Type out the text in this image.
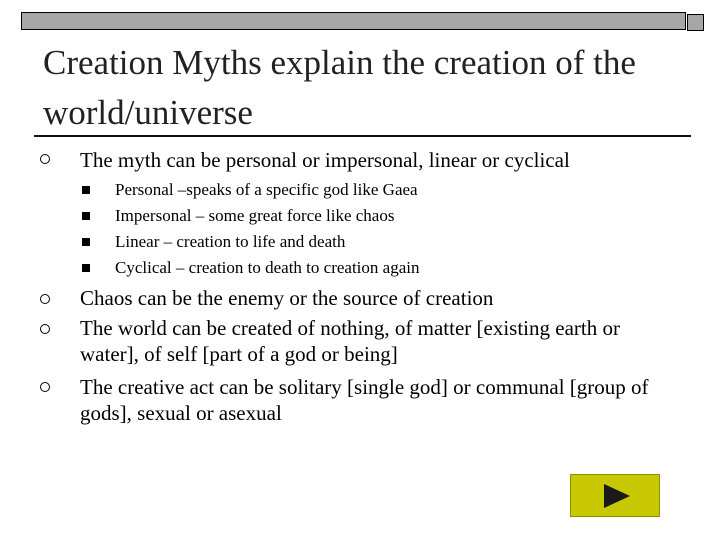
Creation Myths explain the creation of the world/universe
The myth can be personal or impersonal, linear or cyclical
Personal –speaks of a specific god like Gaea
Impersonal – some great force like chaos
Linear – creation to life and death
Cyclical – creation to death to creation again
Chaos can be the enemy or the source of creation
The world can be created of nothing, of matter [existing earth or water], of self [part of a god or being]
The creative act can be solitary [single god] or communal [group of gods], sexual or asexual
